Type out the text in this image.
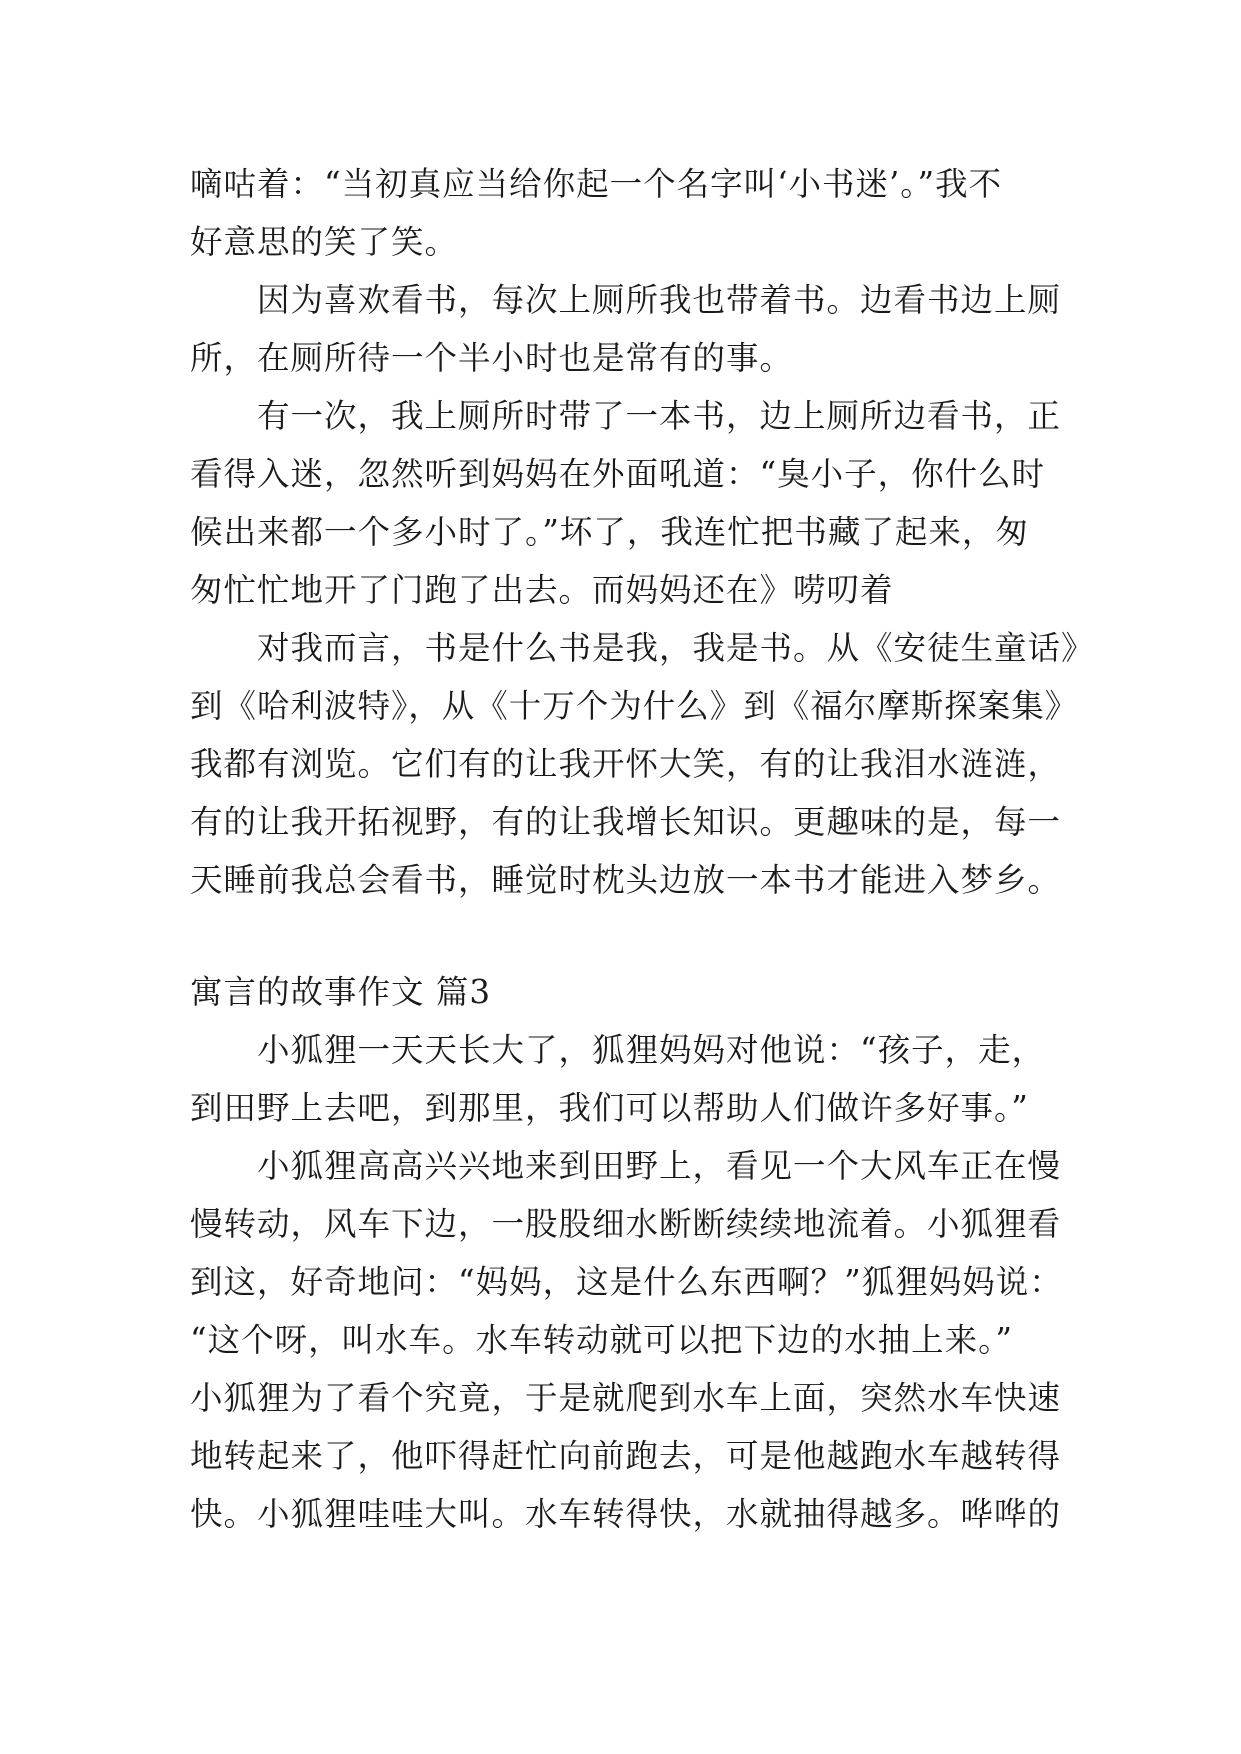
嘀咕着：“当初真应当给你起一个名字叫‘小书迷’。”我不
好意思的笑了笑。
因为喜欢看书，每次上厕所我也带着书。边看书边上厕
所，在厕所待一个半小时也是常有的事。
有一次，我上厕所时带了一本书，边上厕所边看书，正
看得入迷，忽然听到妈妈在外面吼道：“臭小子，你什么时
候出来都一个多小时了。”坏了，我连忙把书藏了起来，匆
匆忙忙地开了门跑了出去。而妈妈还在》唠叨着
对我而言，书是什么书是我，我是书。从《安徒生童话》
到《哈利波特》，从《十万个为什么》到《福尔摩斯探案集》
我都有浏览。它们有的让我开怀大笑，有的让我泪水涟涟，
有的让我开拓视野，有的让我增长知识。更趣味的是，每一
天睡前我总会看书，睡觉时枕头边放一本书才能进入梦乡。
寓言的故事作文 篇3
小狐狸一天天长大了，狐狸妈妈对他说：“孩子，走，
到田野上去吧，到那里，我们可以帮助人们做许多好事。”
小狐狸高高兴兴地来到田野上，看见一个大风车正在慢
慢转动，风车下边，一股股细水断断续续地流着。小狐狸看
到这，好奇地问：“妈妈，这是什么东西啊？”狐狸妈妈说：
“这个呀，叫水车。水车转动就可以把下边的水抽上来。”
小狐狸为了看个究竟，于是就爬到水车上面，突然水车快速
地转起来了，他吓得赶忙向前跑去，可是他越跑水车越转得
快。小狐狸哇哇大叫。水车转得快，水就抽得越多。哗哗的
